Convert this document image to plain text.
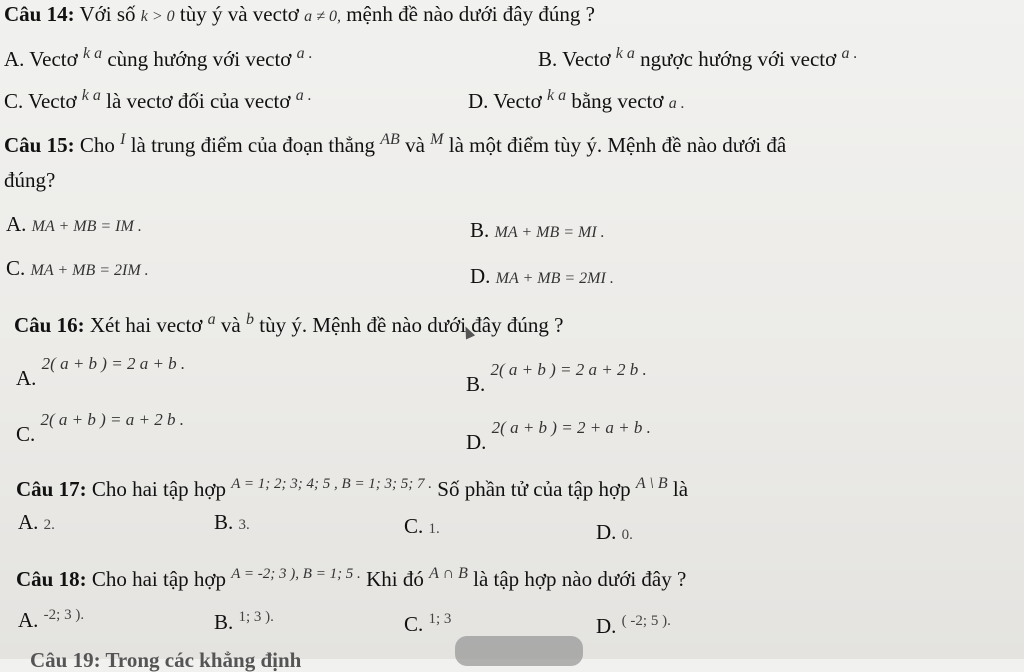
Câu 14: Với số k > 0 tùy ý và vectơ a ≠ 0, mệnh đề nào dưới đây đúng ?
A. Vectơ $^{k a}$ cùng hướng với vectơ $^{a .}$	B. Vectơ $^{k a}$ ngược hướng với vectơ $^{a .}$
C. Vectơ $^{k a}$ là vectơ đối của vectơ $^{a .}$	D. Vectơ $^{k a}$ bằng vectơ a .
Câu 15: Cho $^I$ là trung điểm của đoạn thẳng $^{AB}$ và $^M$ là một điểm tùy ý. Mệnh đề nào dưới đâ
đúng?
A. MA + MB = IM .	B. MA + MB = MI .
C. MA + MB = 2IM .	D. MA + MB = 2MI .
Câu 16: Xét hai vectơ $^a$ và $^b$ tùy ý. Mệnh đề nào dưới đây đúng ?
A. 2( a + b ) = 2 a + b .
B. 2( a + b ) = 2 a + 2 b .
C. 2( a + b ) = a + 2 b .
D. 2( a + b ) = 2 + a + b .
Câu 17: Cho hai tập hợp $^{A = 1; 2; 3; 4; 5 , B = 1; 3; 5; 7 .}$ Số phần tử của tập hợp $^{A \backslash B}$ là
A. 2.	B. 3.	C. 1.	D. 0.
Câu 18: Cho hai tập hợp $^{A = -2; 3 ), B = 1; 5 .}$ Khi đó $^{A \cap B}$ là tập hợp nào dưới đây ?
A. $^{-2; 3 ).}$	B. $^{1; 3 ).}$	C. $^{1; 3}$	D. $^{( -2; 5 ).}$
Câu 19: Trong các khẳng định
